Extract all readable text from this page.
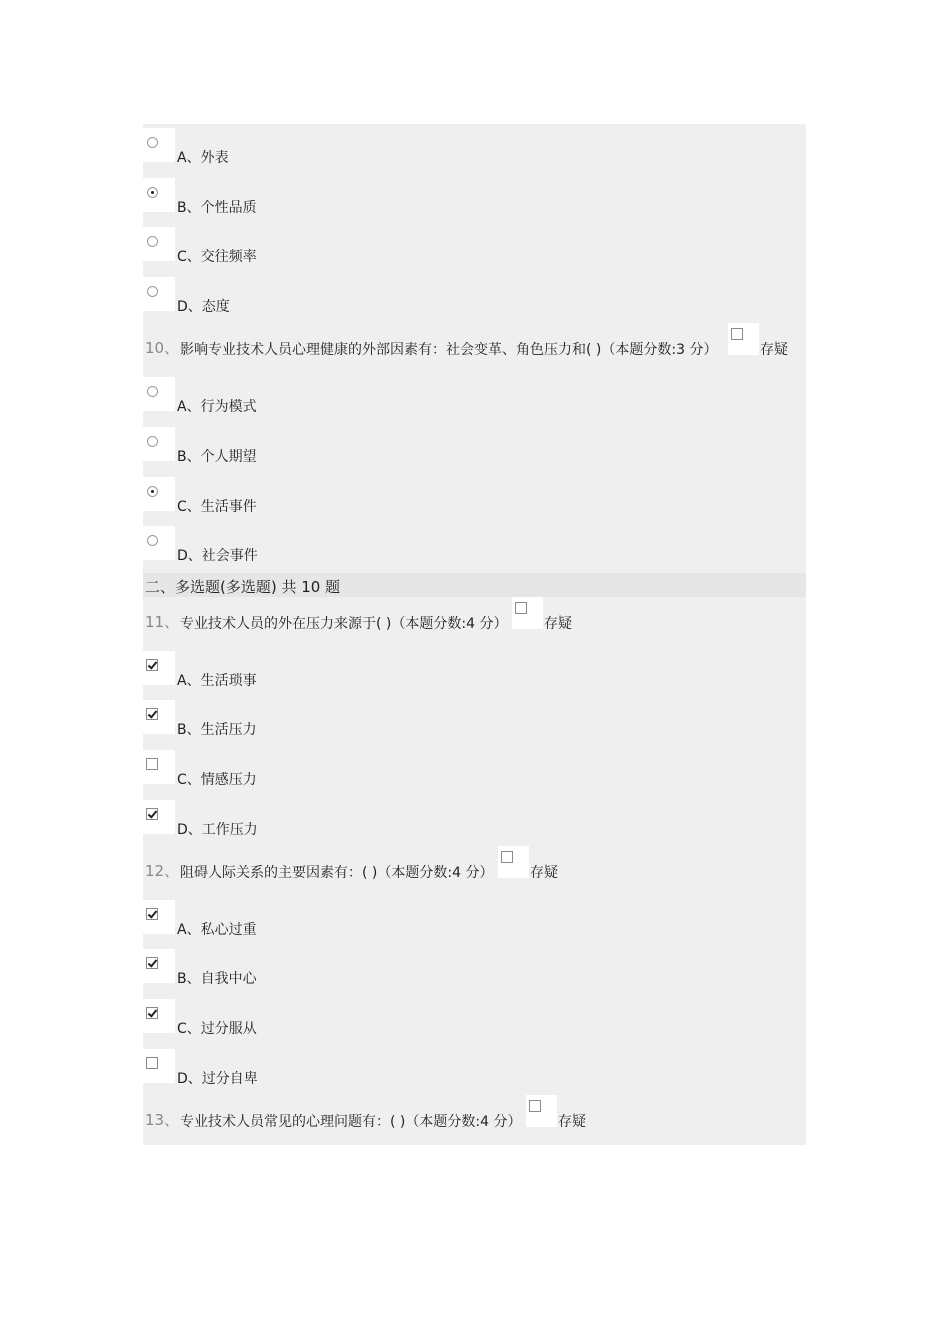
A、外表
B、个性品质
C、交往频率
D、态度
10、 影响专业技术人员心理健康的外部因素有：社会变革、角色压力和( )（本题分数:3 分）	存疑
A、行为模式
B、个人期望
C、生活事件
D、社会事件
二、多选题(多选题) 共 10 题
11、 专业技术人员的外在压力来源于( )（本题分数:4 分）	存疑
A、生活琐事
B、生活压力
C、情感压力
D、工作压力
12、 阻碍人际关系的主要因素有：( )（本题分数:4 分）	存疑
A、私心过重
B、自我中心
C、过分服从
D、过分自卑
13、 专业技术人员常见的心理问题有：( )（本题分数:4 分）	存疑
